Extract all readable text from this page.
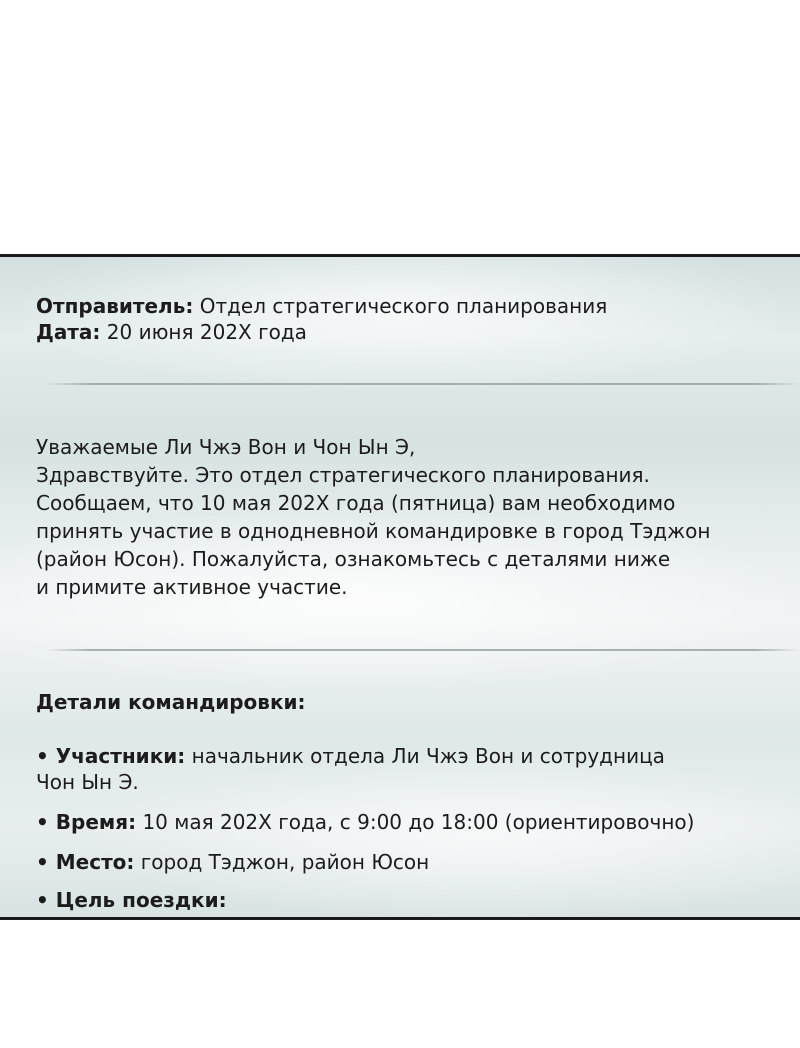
Отправитель: Отдел стратегического планирования
Дата: 20 июня 202X года
Уважаемые Ли Чжэ Вон и Чон Ын Э,
Здравствуйте. Это отдел стратегического планирования.
Сообщаем, что 10 мая 202X года (пятница) вам необходимо
принять участие в однодневной командировке в город Тэджон
(район Юсон). Пожалуйста, ознакомьтесь с деталями ниже
и примите активное участие.
Детали командировки:
• Участники: начальник отдела Ли Чжэ Вон и сотрудница
Чон Ын Э.
• Время: 10 мая 202X года, с 9:00 до 18:00 (ориентировочно)
• Место: город Тэджон, район Юсон
• Цель поездки:
